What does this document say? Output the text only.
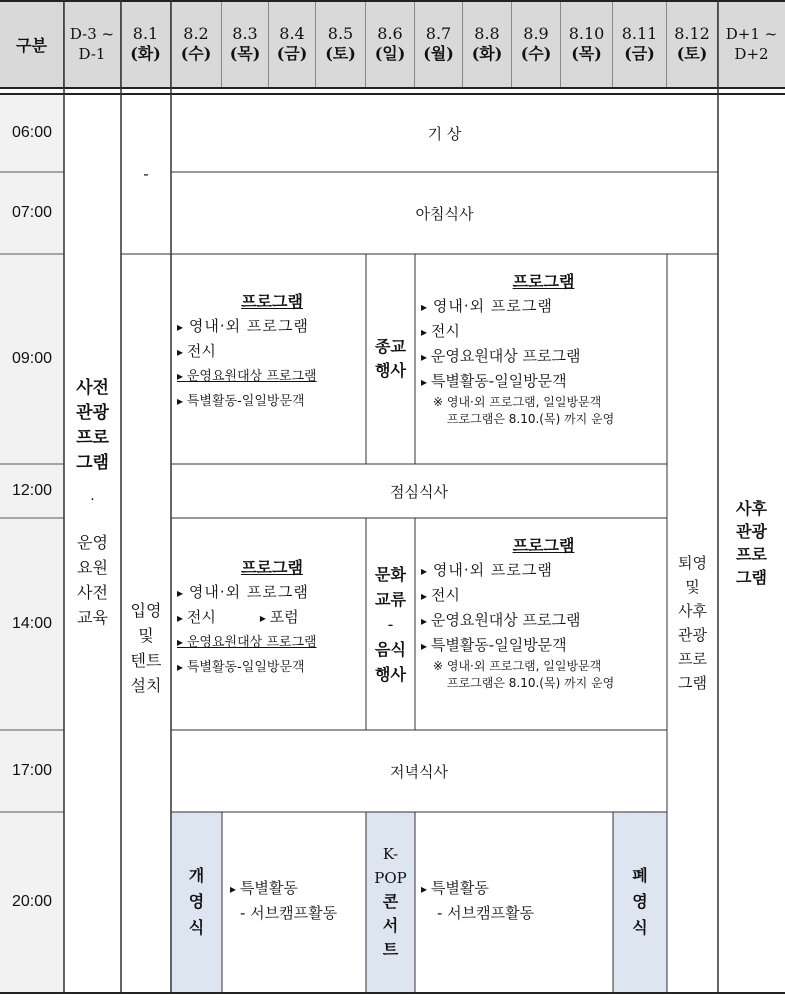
구분
D-3 ~
D-1
8.1
(화)
8.2
(수)
8.3
(목)
8.4
(금)
8.5
(토)
8.6
(일)
8.7
(월)
8.8
(화)
8.9
(수)
8.10
(목)
8.11
(금)
8.12
(토)
D+1 ~
D+2
06:00
07:00
09:00
12:00
14:00
17:00
20:00
사전
관광
프로
그램
·
운영
요원
사전
교육
-
입영
및
텐트
설치
기 상
아침식사
점심식사
저녁식사
프로그램
▸ 영내·외 프로그램
▸ 전시
▸ 운영요원대상 프로그램
▸ 특별활동-일일방문객
종교
행사
프로그램
▸ 영내·외 프로그램
▸ 전시
▸ 운영요원대상 프로그램
▸ 특별활동-일일방문객
※ 영내·외 프로그램, 일일방문객
프로그램은 8.10.(목) 까지 운영
프로그램
▸ 영내·외 프로그램
▸ 전시	▸ 포럼
▸ 운영요원대상 프로그램
▸ 특별활동-일일방문객
문화
교류
-
음식
행사
프로그램
▸ 영내·외 프로그램
▸ 전시
▸ 운영요원대상 프로그램
▸ 특별활동-일일방문객
※ 영내·외 프로그램, 일일방문객
프로그램은 8.10.(목) 까지 운영
퇴영
및
사후
관광
프로
그램
사후
관광
프로
그램
개
영
식
▸ 특별활동
- 서브캠프활동
K-
POP
콘
서
트
▸ 특별활동
- 서브캠프활동
폐
영
식
